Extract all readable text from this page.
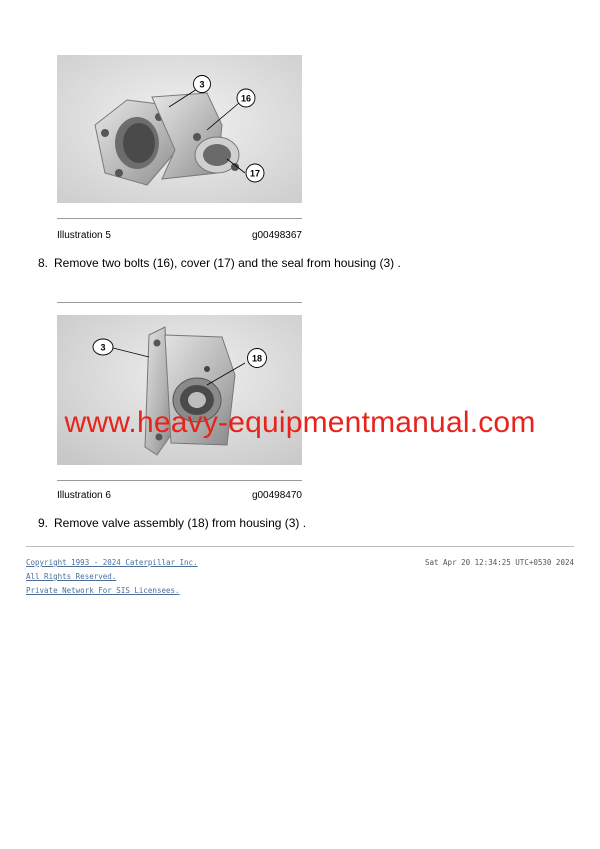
3
16
17
Illustration 5	g00498367
8. Remove two bolts (16), cover (17) and the seal from housing (3) .
3
18
Illustration 6	g00498470
www.heavy-equipmentmanual.com
9. Remove valve assembly (18) from housing (3) .
Copyright 1993 - 2024 Caterpillar Inc.
All Rights Reserved.
Private Network For SIS Licensees.
Sat Apr 20 12:34:25 UTC+0530 2024
